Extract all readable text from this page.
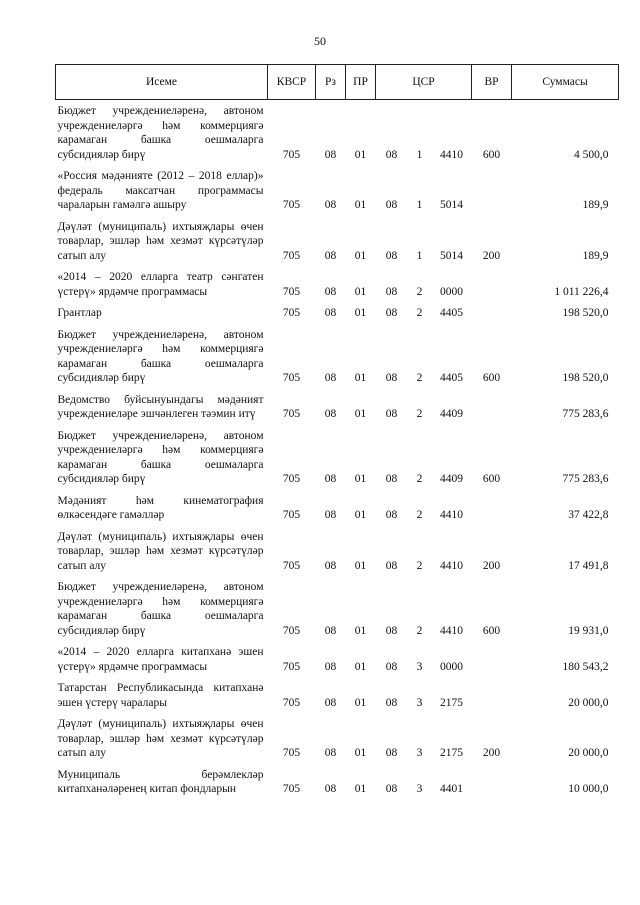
50
Исеме	КВСР	Рз	ПР	ЦСР			ВР	Суммасы
Бюджет учреждениеләренә, автоном учреждениеләргә һәм коммерциягә карамаган башка оешмаларга субсидияләр бирү	705	08	01	08	1	4410	600	4 500,0
«Россия мәдәнияте (2012 – 2018 еллар)» федераль максатчан программасы чараларын гамәлгә ашыру	705	08	01	08	1	5014		189,9
Дәүләт (муниципаль) ихтыяҗлары өчен товарлар, эшләр һәм хезмәт күрсәтүләр сатып алу	705	08	01	08	1	5014	200	189,9
«2014 – 2020 елларга театр сәнгатен үстерү» ярдәмче программасы	705	08	01	08	2	0000		1 011 226,4
Грантлар	705	08	01	08	2	4405		198 520,0
Бюджет учреждениеләренә, автоном учреждениеләргә һәм коммерциягә карамаган башка оешмаларга субсидияләр бирү	705	08	01	08	2	4405	600	198 520,0
Ведомство буйсынуындагы мәдәният учреждениеләре эшчәнлеген тәэмин итү	705	08	01	08	2	4409		775 283,6
Бюджет учреждениеләренә, автоном учреждениеләргә һәм коммерциягә карамаган башка оешмаларга субсидияләр бирү	705	08	01	08	2	4409	600	775 283,6
Мәдәният һәм кинематография өлкәсендәге гамәлләр	705	08	01	08	2	4410		37 422,8
Дәүләт (муниципаль) ихтыяҗлары өчен товарлар, эшләр һәм хезмәт күрсәтүләр сатып алу	705	08	01	08	2	4410	200	17 491,8
Бюджет учреждениеләренә, автоном учреждениеләргә һәм коммерциягә карамаган башка оешмаларга субсидияләр бирү	705	08	01	08	2	4410	600	19 931,0
«2014 – 2020 елларга китапханә эшен үстерү» ярдәмче программасы	705	08	01	08	3	0000		180 543,2
Татарстан Республикасында китапханә эшен үстерү чаралары	705	08	01	08	3	2175		20 000,0
Дәүләт (муниципаль) ихтыяҗлары өчен товарлар, эшләр һәм хезмәт күрсәтүләр сатып алу	705	08	01	08	3	2175	200	20 000,0
Муниципаль берәмлекләр китапханәләренең китап фондларын	705	08	01	08	3	4401		10 000,0
